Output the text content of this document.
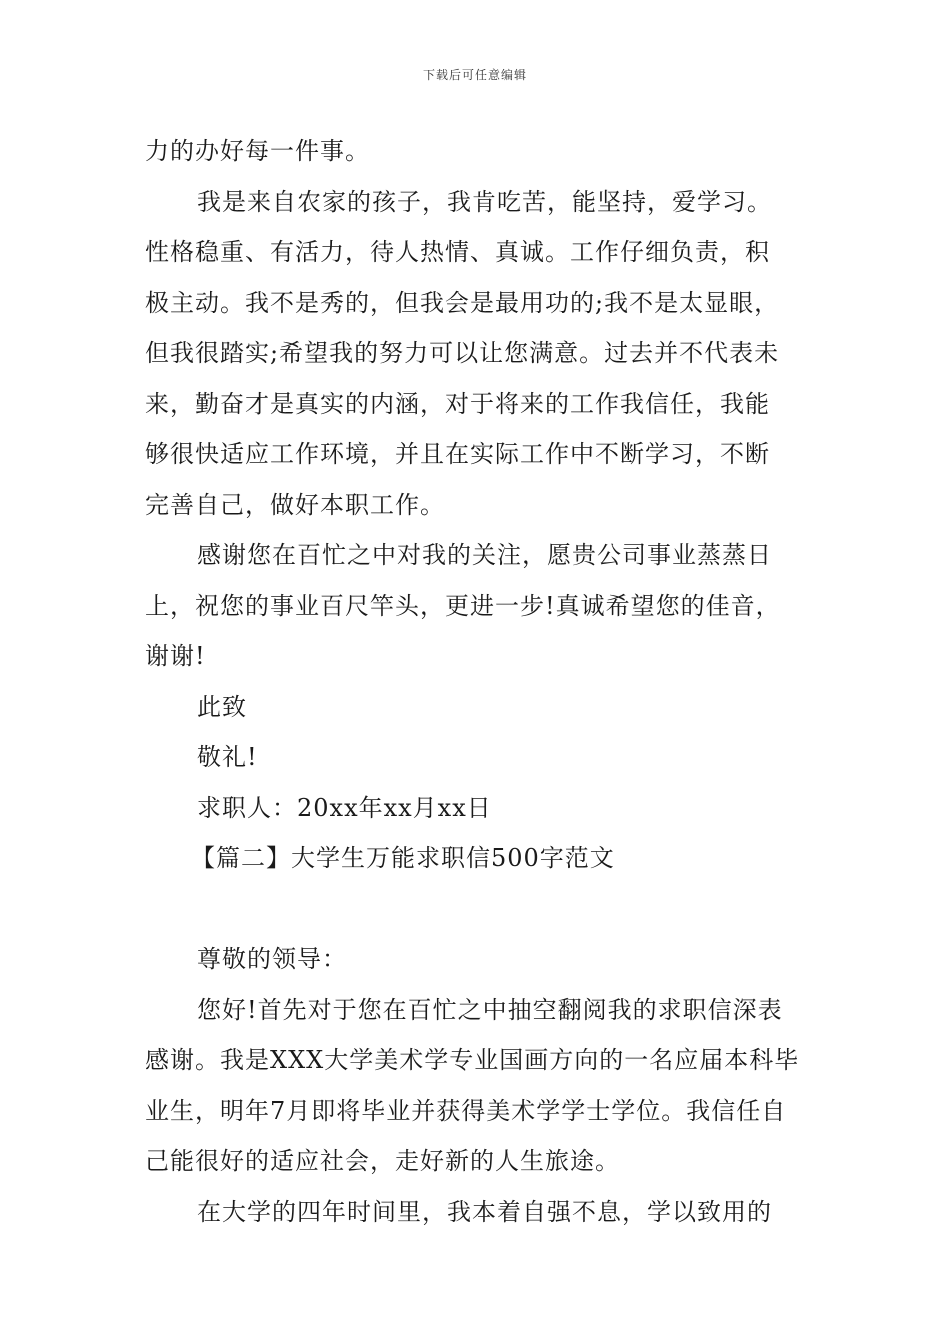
下载后可任意编辑
力的办好每一件事。
我是来自农家的孩子，我肯吃苦，能坚持，爱学习。
性格稳重、有活力，待人热情、真诚。工作仔细负责，积
极主动。我不是秀的，但我会是最用功的;我不是太显眼，
但我很踏实;希望我的努力可以让您满意。过去并不代表未
来，勤奋才是真实的内涵，对于将来的工作我信任，我能
够很快适应工作环境，并且在实际工作中不断学习，不断
完善自己，做好本职工作。
感谢您在百忙之中对我的关注，愿贵公司事业蒸蒸日
上，祝您的事业百尺竿头，更进一步!真诚希望您的佳音，
谢谢!
此致
敬礼!
求职人：20xx年xx月xx日
【篇二】大学生万能求职信500字范文
尊敬的领导：
您好!首先对于您在百忙之中抽空翻阅我的求职信深表
感谢。我是XXX大学美术学专业国画方向的一名应届本科毕
业生，明年7月即将毕业并获得美术学学士学位。我信任自
己能很好的适应社会，走好新的人生旅途。
在大学的四年时间里，我本着自强不息，学以致用的
